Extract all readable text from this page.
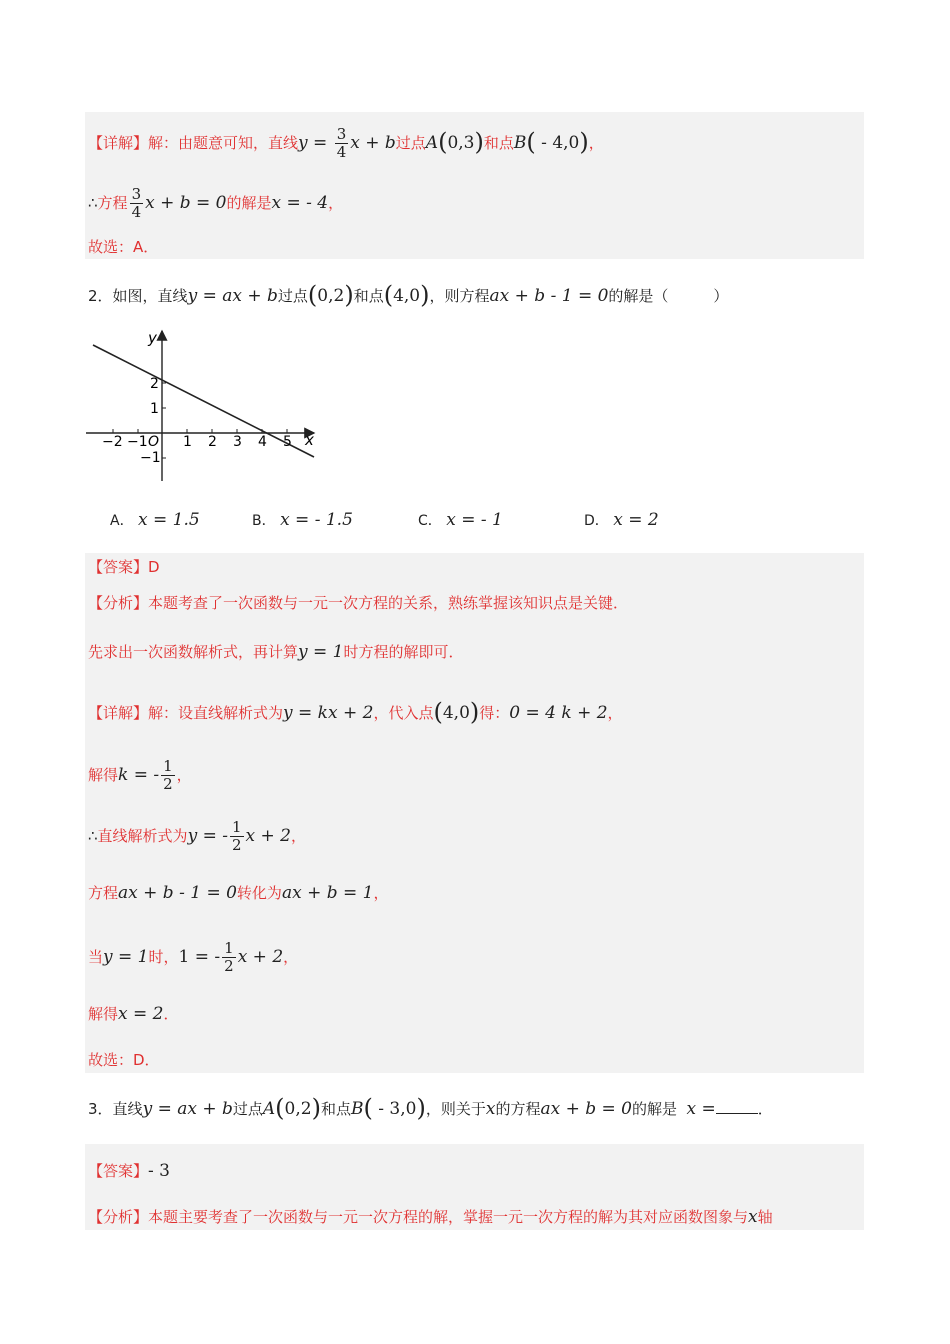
【详解】解：由题意可知，直线$y = \frac{3}{4}$ x + b过点A(0,3)和点B( - 4,0)，
∴方程 $\frac{3}{4}$ x + b = 0的解是x = - 4，
故选：A．
2．如图，直线y = ax + b过点(0,2)和点(4,0)，则方程ax + b - 1 = 0的解是（　　　）
y
x
O
−2 −1	1 2 3 4 5
2
1
−1
A． x = 1.5	B． x = - 1.5	C． x = - 1	D． x = 2
【答案】D
【分析】本题考查了一次函数与一元一次方程的关系，熟练掌握该知识点是关键．
先求出一次函数解析式，再计算y = 1时方程的解即可．
【详解】解：设直线解析式为y = kx + 2，代入点(4,0)得：0 = 4 k + 2，
解得k = - $\frac{1}{2}$ ，
∴直线解析式为y = - $\frac{1}{2}$ x + 2，
方程ax + b - 1 = 0转化为ax + b = 1，
当y = 1时，1 = - $\frac{1}{2}$ x + 2，
解得x = 2．
故选：D．
3．直线y = ax + b过点A(0,2)和点B( - 3,0)，则关于x的方程ax + b = 0的解是 x =	．
【答案】- 3
【分析】本题主要考查了一次函数与一元一次方程的解，掌握一元一次方程的解为其对应函数图象与x轴
